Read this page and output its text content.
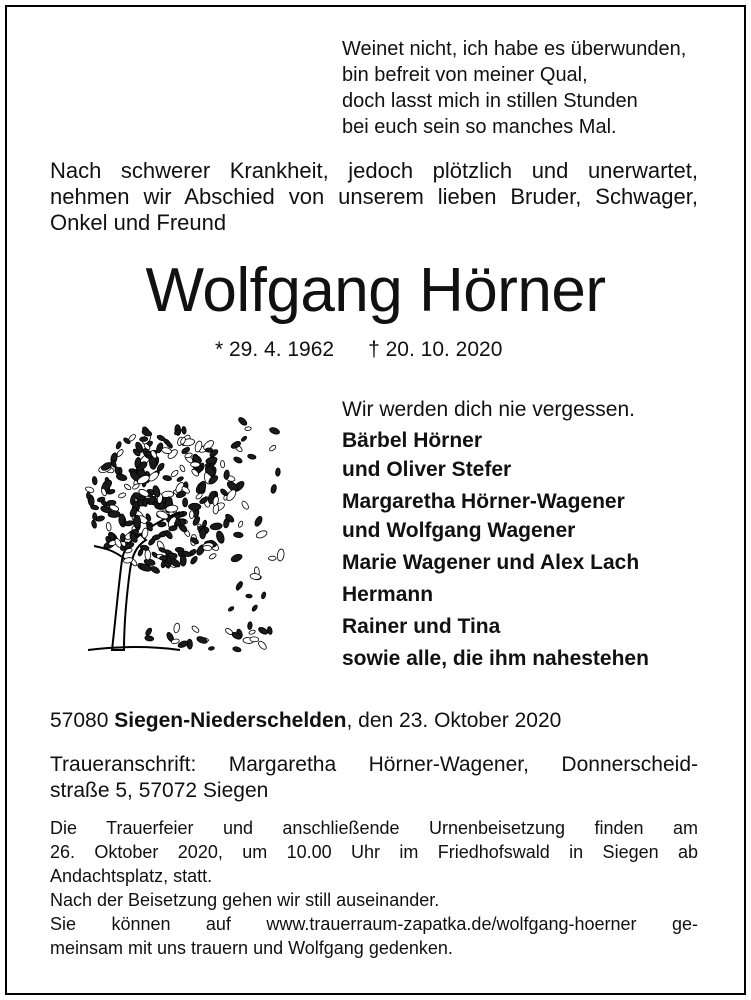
Weinet nicht, ich habe es überwunden,
bin befreit von meiner Qual,
doch lasst mich in stillen Stunden
bei euch sein so manches Mal.
Nach schwerer Krankheit, jedoch plötzlich und unerwartet,
nehmen wir Abschied von unserem lieben Bruder, Schwager,
Onkel und Freund
Wolfgang Hörner
* 29. 4. 1962 † 20. 10. 2020
Wir werden dich nie vergessen.
Bärbel Hörner
und Oliver Stefer
Margaretha Hörner-Wagener
und Wolfgang Wagener
Marie Wagener und Alex Lach
Hermann
Rainer und Tina
sowie alle, die ihm nahestehen
57080 Siegen-Niederschelden, den 23. Oktober 2020
Traueranschrift: Margaretha Hörner-Wagener, Donnerscheid-
straße 5, 57072 Siegen
Die Trauerfeier und anschließende Urnenbeisetzung finden am
26. Oktober 2020, um 10.00 Uhr im Friedhofswald in Siegen ab
Andachtsplatz, statt.
Nach der Beisetzung gehen wir still auseinander.
Sie können auf www.trauerraum-zapatka.de/wolfgang-hoerner ge-
meinsam mit uns trauern und Wolfgang gedenken.
